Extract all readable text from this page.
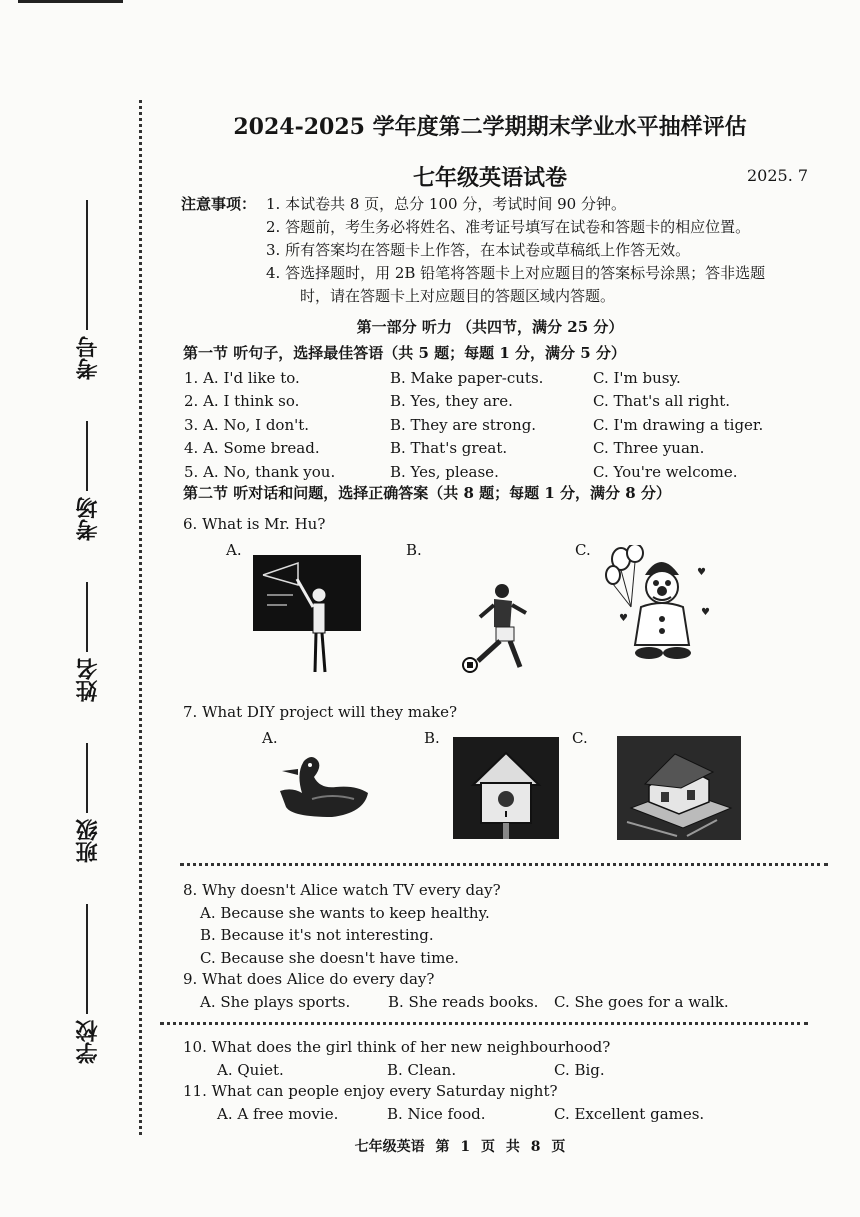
考号
考场
姓名
班级
学校
2024-2025 学年度第二学期期末学业水平抽样评估
七年级英语试卷	2025. 7
注意事项： 1. 本试卷共 8 页，总分 100 分，考试时间 90 分钟。
2. 答题前，考生务必将姓名、准考证号填写在试卷和答题卡的相应位置。
3. 所有答案均在答题卡上作答，在本试卷或草稿纸上作答无效。
4. 答选择题时，用 2B 铅笔将答题卡上对应题目的答案标号涂黑；答非选题
时，请在答题卡上对应题目的答题区域内答题。
第一部分 听力 （共四节，满分 25 分）
第一节 听句子，选择最佳答语（共 5 题；每题 1 分，满分 5 分）
1. A. I'd like to.	B. Make paper-cuts.	C. I'm busy.
2. A. I think so.	B. Yes, they are.	C. That's all right.
3. A. No, I don't.	B. They are strong.	C. I'm drawing a tiger.
4. A. Some bread.	B. That's great.	C. Three yuan.
5. A. No, thank you.	B. Yes, please.	C. You're welcome.
第二节 听对话和问题，选择正确答案（共 8 题；每题 1 分，满分 8 分）
6. What is Mr. Hu?
A.	B.	C.
♥
♥
♥
7. What DIY project will they make?
A.	B.	C.
8. Why doesn't Alice watch TV every day?
A. Because she wants to keep healthy.
B. Because it's not interesting.
C. Because she doesn't have time.
9. What does Alice do every day?
A. She plays sports.	B. She reads books.	C. She goes for a walk.
10. What does the girl think of her new neighbourhood?
A. Quiet.	B. Clean.	C. Big.
11. What can people enjoy every Saturday night?
A. A free movie.	B. Nice food.	C. Excellent games.
七年级英语 第 1 页 共 8 页
